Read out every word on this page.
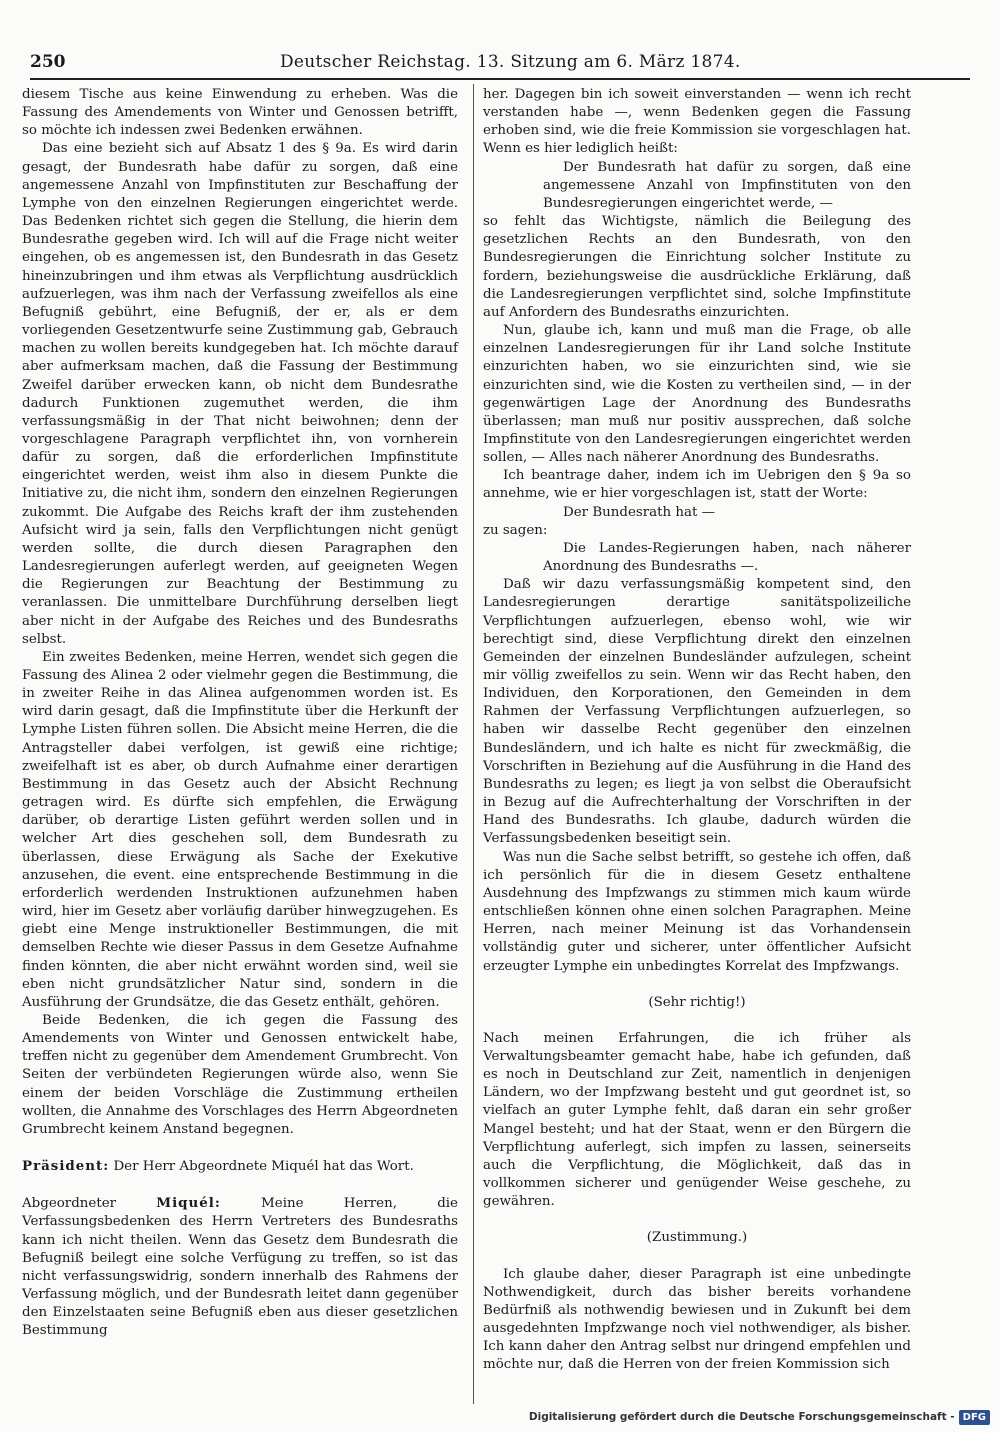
250	Deutscher Reichstag. 13. Sitzung am 6. März 1874.

diesem Tische aus keine Einwendung zu erheben. Was die Fassung des Amendements von Winter und Genossen betrifft, so möchte ich indessen zwei Bedenken erwähnen.

Das eine bezieht sich auf Absatz 1 des § 9a. Es wird darin gesagt, der Bundesrath habe dafür zu sorgen, daß eine angemessene Anzahl von Impfinstituten zur Beschaffung der Lymphe von den einzelnen Regierungen eingerichtet werde. Das Bedenken richtet sich gegen die Stellung, die hierin dem Bundesrathe gegeben wird. Ich will auf die Frage nicht weiter eingehen, ob es angemessen ist, den Bundesrath in das Gesetz hineinzubringen und ihm etwas als Verpflichtung ausdrücklich aufzuerlegen, was ihm nach der Verfassung zweifellos als eine Befugniß gebührt, eine Befugniß, der er, als er dem vorliegenden Gesetzentwurfe seine Zustimmung gab, Gebrauch machen zu wollen bereits kundgegeben hat. Ich möchte darauf aber aufmerksam machen, daß die Fassung der Bestimmung Zweifel darüber erwecken kann, ob nicht dem Bundesrathe dadurch Funktionen zugemuthet werden, die ihm verfassungsmäßig in der That nicht beiwohnen; denn der vorgeschlagene Paragraph verpflichtet ihn, von vornherein dafür zu sorgen, daß die erforderlichen Impfinstitute eingerichtet werden, weist ihm also in diesem Punkte die Initiative zu, die nicht ihm, sondern den einzelnen Regierungen zukommt. Die Aufgabe des Reichs kraft der ihm zustehenden Aufsicht wird ja sein, falls den Verpflichtungen nicht genügt werden sollte, die durch diesen Paragraphen den Landesregierungen auferlegt werden, auf geeigneten Wegen die Regierungen zur Beachtung der Bestimmung zu veranlassen. Die unmittelbare Durchführung derselben liegt aber nicht in der Aufgabe des Reiches und des Bundesraths selbst.

Ein zweites Bedenken, meine Herren, wendet sich gegen die Fassung des Alinea 2 oder vielmehr gegen die Bestimmung, die in zweiter Reihe in das Alinea aufgenommen worden ist. Es wird darin gesagt, daß die Impfinstitute über die Herkunft der Lymphe Listen führen sollen. Die Absicht meine Herren, die die Antragsteller dabei verfolgen, ist gewiß eine richtige; zweifelhaft ist es aber, ob durch Aufnahme einer derartigen Bestimmung in das Gesetz auch der Absicht Rechnung getragen wird. Es dürfte sich empfehlen, die Erwägung darüber, ob derartige Listen geführt werden sollen und in welcher Art dies geschehen soll, dem Bundesrath zu überlassen, diese Erwägung als Sache der Exekutive anzusehen, die event. eine entsprechende Bestimmung in die erforderlich werdenden Instruktionen aufzunehmen haben wird, hier im Gesetz aber vorläufig darüber hinwegzugehen. Es giebt eine Menge instruktioneller Bestimmungen, die mit demselben Rechte wie dieser Passus in dem Gesetze Aufnahme finden könnten, die aber nicht erwähnt worden sind, weil sie eben nicht grundsätzlicher Natur sind, sondern in die Ausführung der Grundsätze, die das Gesetz enthält, gehören.

Beide Bedenken, die ich gegen die Fassung des Amendements von Winter und Genossen entwickelt habe, treffen nicht zu gegenüber dem Amendement Grumbrecht. Von Seiten der verbündeten Regierungen würde also, wenn Sie einem der beiden Vorschläge die Zustimmung ertheilen wollten, die Annahme des Vorschlages des Herrn Abgeordneten Grumbrecht keinem Anstand begegnen.

Präsident: Der Herr Abgeordnete Miquél hat das Wort.

Abgeordneter Miquél: Meine Herren, die Verfassungsbedenken des Herrn Vertreters des Bundesraths kann ich nicht theilen. Wenn das Gesetz dem Bundesrath die Befugniß beilegt eine solche Verfügung zu treffen, so ist das nicht verfassungswidrig, sondern innerhalb des Rahmens der Verfassung möglich, und der Bundesrath leitet dann gegenüber den Einzelstaaten seine Befugniß eben aus dieser gesetzlichen Bestimmung

her. Dagegen bin ich soweit einverstanden — wenn ich recht verstanden habe —, wenn Bedenken gegen die Fassung erhoben sind, wie die freie Kommission sie vorgeschlagen hat. Wenn es hier lediglich heißt:

Der Bundesrath hat dafür zu sorgen, daß eine angemessene Anzahl von Impfinstituten von den Bundesregierungen eingerichtet werde, —

so fehlt das Wichtigste, nämlich die Beilegung des gesetzlichen Rechts an den Bundesrath, von den Bundesregierungen die Einrichtung solcher Institute zu fordern, beziehungsweise die ausdrückliche Erklärung, daß die Landesregierungen verpflichtet sind, solche Impfinstitute auf Anfordern des Bundesraths einzurichten.

Nun, glaube ich, kann und muß man die Frage, ob alle einzelnen Landesregierungen für ihr Land solche Institute einzurichten haben, wo sie einzurichten sind, wie sie einzurichten sind, wie die Kosten zu vertheilen sind, — in der gegenwärtigen Lage der Anordnung des Bundesraths überlassen; man muß nur positiv aussprechen, daß solche Impfinstitute von den Landesregierungen eingerichtet werden sollen, — Alles nach näherer Anordnung des Bundesraths.

Ich beantrage daher, indem ich im Uebrigen den § 9a so annehme, wie er hier vorgeschlagen ist, statt der Worte:

Der Bundesrath hat —

zu sagen:

Die Landes-Regierungen haben, nach näherer Anordnung des Bundesraths —.

Daß wir dazu verfassungsmäßig kompetent sind, den Landesregierungen derartige sanitätspolizeiliche Verpflichtungen aufzuerlegen, ebenso wohl, wie wir berechtigt sind, diese Verpflichtung direkt den einzelnen Gemeinden der einzelnen Bundesländer aufzulegen, scheint mir völlig zweifellos zu sein. Wenn wir das Recht haben, den Individuen, den Korporationen, den Gemeinden in dem Rahmen der Verfassung Verpflichtungen aufzuerlegen, so haben wir dasselbe Recht gegenüber den einzelnen Bundesländern, und ich halte es nicht für zweckmäßig, die Vorschriften in Beziehung auf die Ausführung in die Hand des Bundesraths zu legen; es liegt ja von selbst die Oberaufsicht in Bezug auf die Aufrechterhaltung der Vorschriften in der Hand des Bundesraths. Ich glaube, dadurch würden die Verfassungsbedenken beseitigt sein.

Was nun die Sache selbst betrifft, so gestehe ich offen, daß ich persönlich für die in diesem Gesetz enthaltene Ausdehnung des Impfzwangs zu stimmen mich kaum würde entschließen können ohne einen solchen Paragraphen. Meine Herren, nach meiner Meinung ist das Vorhandensein vollständig guter und sicherer, unter öffentlicher Aufsicht erzeugter Lymphe ein unbedingtes Korrelat des Impfzwangs.

(Sehr richtig!)

Nach meinen Erfahrungen, die ich früher als Verwaltungsbeamter gemacht habe, habe ich gefunden, daß es noch in Deutschland zur Zeit, namentlich in denjenigen Ländern, wo der Impfzwang besteht und gut geordnet ist, so vielfach an guter Lymphe fehlt, daß daran ein sehr großer Mangel besteht; und hat der Staat, wenn er den Bürgern die Verpflichtung auferlegt, sich impfen zu lassen, seinerseits auch die Verpflichtung, die Möglichkeit, daß das in vollkommen sicherer und genügender Weise geschehe, zu gewähren.

(Zustimmung.)

Ich glaube daher, dieser Paragraph ist eine unbedingte Nothwendigkeit, durch das bisher bereits vorhandene Bedürfniß als nothwendig bewiesen und in Zukunft bei dem ausgedehnten Impfzwange noch viel nothwendiger, als bisher. Ich kann daher den Antrag selbst nur dringend empfehlen und möchte nur, daß die Herren von der freien Kommission sich

Digitalisierung gefördert durch die Deutsche Forschungsgemeinschaft - DFG
